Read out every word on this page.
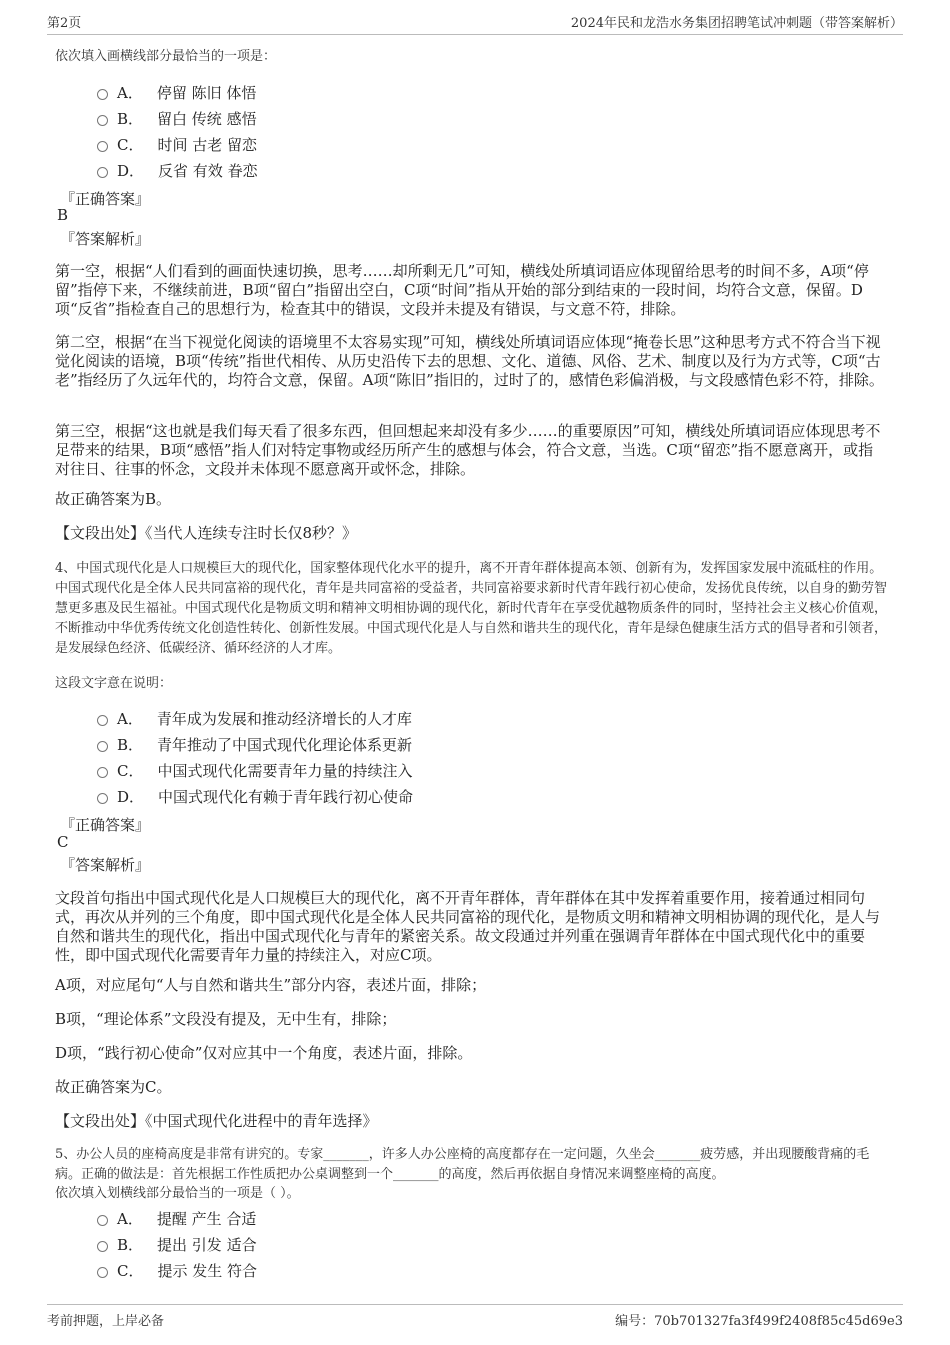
第2页	2024年民和龙浩水务集团招聘笔试冲刺题（带答案解析）
依次填入画横线部分最恰当的一项是：
A． 停留 陈旧 体悟
B． 留白 传统 感悟
C． 时间 古老 留恋
D． 反省 有效 眷恋
『正确答案』
B
『答案解析』
第一空，根据“人们看到的画面快速切换，思考……却所剩无几”可知，横线处所填词语应体现留给思考的时间不多，A项“停留”指停下来，不继续前进，B项“留白”指留出空白，C项“时间”指从开始的部分到结束的一段时间，均符合文意，保留。D项“反省”指检查自己的思想行为，检查其中的错误，文段并未提及有错误，与文意不符，排除。
第二空，根据“在当下视觉化阅读的语境里不太容易实现”可知，横线处所填词语应体现“掩卷长思”这种思考方式不符合当下视觉化阅读的语境，B项“传统”指世代相传、从历史沿传下去的思想、文化、道德、风俗、艺术、制度以及行为方式等，C项“古老”指经历了久远年代的，均符合文意，保留。A项“陈旧”指旧的，过时了的，感情色彩偏消极，与文段感情色彩不符，排除。
第三空，根据“这也就是我们每天看了很多东西，但回想起来却没有多少……的重要原因”可知，横线处所填词语应体现思考不足带来的结果，B项“感悟”指人们对特定事物或经历所产生的感想与体会，符合文意，当选。C项“留恋”指不愿意离开，或指对往日、往事的怀念，文段并未体现不愿意离开或怀念，排除。
故正确答案为B。
【文段出处】《当代人连续专注时长仅8秒？》
4、中国式现代化是人口规模巨大的现代化，国家整体现代化水平的提升，离不开青年群体提高本领、创新有为，发挥国家发展中流砥柱的作用。中国式现代化是全体人民共同富裕的现代化，青年是共同富裕的受益者，共同富裕要求新时代青年践行初心使命，发扬优良传统，以自身的勤劳智慧更多惠及民生福祉。中国式现代化是物质文明和精神文明相协调的现代化，新时代青年在享受优越物质条件的同时，坚持社会主义核心价值观，不断推动中华优秀传统文化创造性转化、创新性发展。中国式现代化是人与自然和谐共生的现代化，青年是绿色健康生活方式的倡导者和引领者，是发展绿色经济、低碳经济、循环经济的人才库。
这段文字意在说明：
A． 青年成为发展和推动经济增长的人才库
B． 青年推动了中国式现代化理论体系更新
C． 中国式现代化需要青年力量的持续注入
D． 中国式现代化有赖于青年践行初心使命
『正确答案』
C
『答案解析』
文段首句指出中国式现代化是人口规模巨大的现代化，离不开青年群体，青年群体在其中发挥着重要作用，接着通过相同句式，再次从并列的三个角度，即中国式现代化是全体人民共同富裕的现代化，是物质文明和精神文明相协调的现代化，是人与自然和谐共生的现代化，指出中国式现代化与青年的紧密关系。故文段通过并列重在强调青年群体在中国式现代化中的重要性，即中国式现代化需要青年力量的持续注入，对应C项。
A项，对应尾句“人与自然和谐共生”部分内容，表述片面，排除；
B项，“理论体系”文段没有提及，无中生有，排除；
D项，“践行初心使命”仅对应其中一个角度，表述片面，排除。
故正确答案为C。
【文段出处】《中国式现代化进程中的青年选择》
5、办公人员的座椅高度是非常有讲究的。专家_______，许多人办公座椅的高度都存在一定问题，久坐会_______疲劳感，并出现腰酸背痛的毛病。正确的做法是：首先根据工作性质把办公桌调整到一个_______的高度，然后再依据自身情况来调整座椅的高度。
依次填入划横线部分最恰当的一项是（ ）。
A． 提醒 产生 合适
B． 提出 引发 适合
C． 提示 发生 符合
考前押题，上岸必备	编号：70b701327fa3f499f2408f85c45d69e3
